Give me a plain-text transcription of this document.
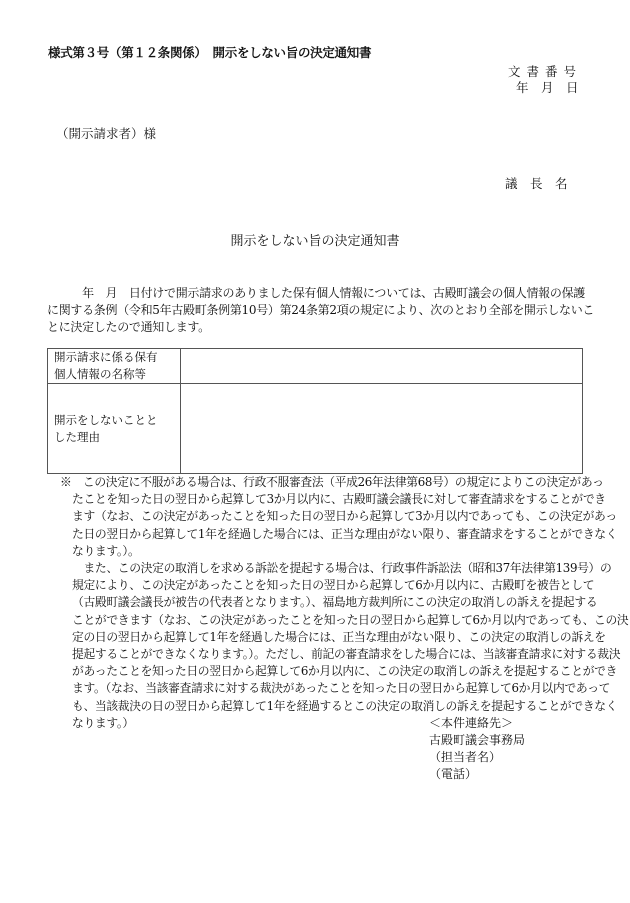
様式第３号（第１２条関係）　開示をしない旨の決定通知書
文書番号
年　月　日
（開示請求者）様
議　長　名
開示をしない旨の決定通知書
　　　年　月　日付けで開示請求のありました保有個人情報については、古殿町議会の個人情報の保護
に関する条例（令和5年古殿町条例第10号）第24条第2項の規定により、次のとおり全部を開示しないこ
とに決定したので通知します。
開示請求に係る保有
個人情報の名称等	

開示をしないことと
した理由	

※　この決定に不服がある場合は、行政不服審査法（平成26年法律第68号）の規定によりこの決定があっ
たことを知った日の翌日から起算して3か月以内に、古殿町議会議長に対して審査請求をすることができ
ます（なお、この決定があったことを知った日の翌日から起算して3か月以内であっても、この決定があっ
た日の翌日から起算して1年を経過した場合には、正当な理由がない限り、審査請求をすることができなく
なります。）。
　また、この決定の取消しを求める訴訟を提起する場合は、行政事件訴訟法（昭和37年法律第139号）の
規定により、この決定があったことを知った日の翌日から起算して6か月以内に、古殿町を被告として
（古殿町議会議長が被告の代表者となります。）、福島地方裁判所にこの決定の取消しの訴えを提起する
ことができます（なお、この決定があったことを知った日の翌日から起算して6か月以内であっても、この決
定の日の翌日から起算して1年を経過した場合には、正当な理由がない限り、この決定の取消しの訴えを
提起することができなくなります。）。ただし、前記の審査請求をした場合には、当該審査請求に対する裁決
があったことを知った日の翌日から起算して6か月以内に、この決定の取消しの訴えを提起することができ
ます。（なお、当該審査請求に対する裁決があったことを知った日の翌日から起算して6か月以内であって
も、当該裁決の日の翌日から起算して1年を経過するとこの決定の取消しの訴えを提起することができなく
なります。）	＜本件連絡先＞
古殿町議会事務局
（担当者名）
（電話）
